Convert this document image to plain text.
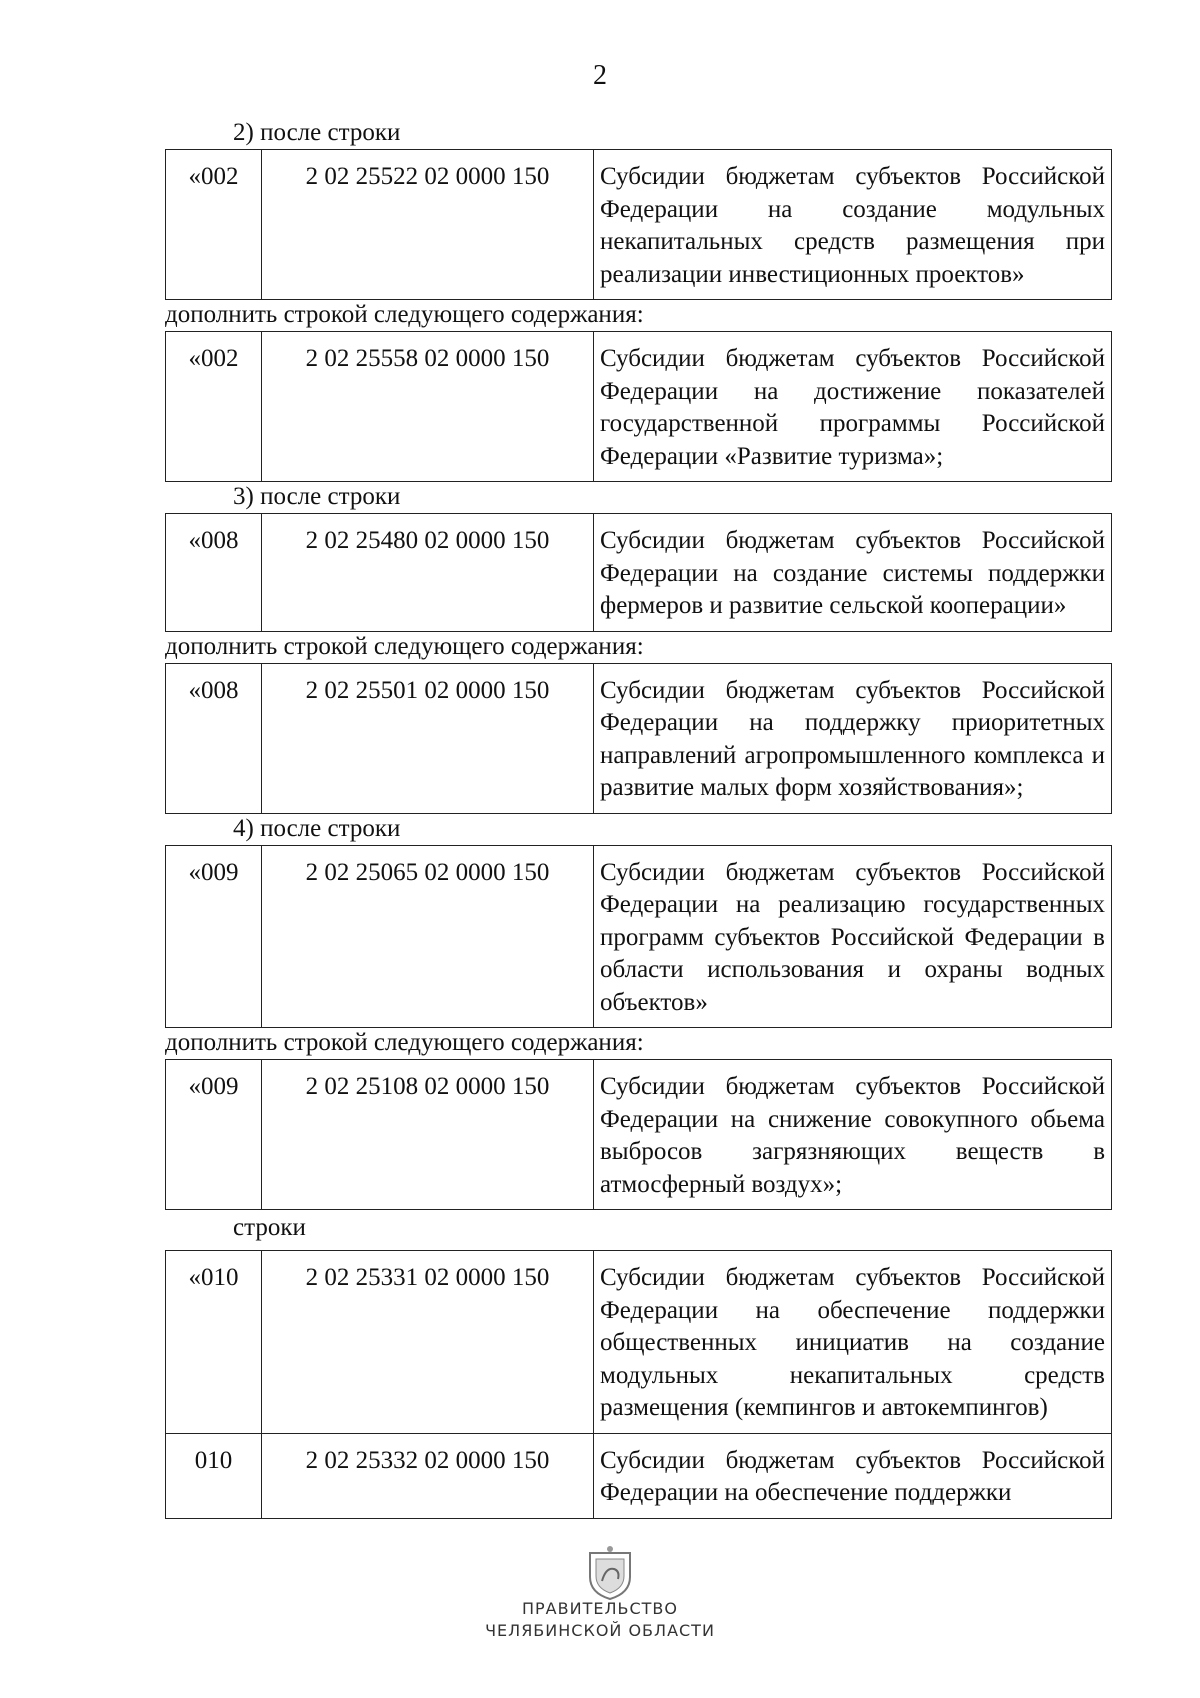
2
2) после строки
«002	2 02 25522 02 0000 150	Субсидии бюджетам субъектов Российской Федерации на создание модульных некапитальных средств размещения при реализации инвестиционных проектов»
дополнить строкой следующего содержания:
«002	2 02 25558 02 0000 150	Субсидии бюджетам субъектов Российской Федерации на достижение показателей государственной программы Российской Федерации «Развитие туризма»;
3) после строки
«008	2 02 25480 02 0000 150	Субсидии бюджетам субъектов Российской Федерации на создание системы поддержки фермеров и развитие сельской кооперации»
дополнить строкой следующего содержания:
«008	2 02 25501 02 0000 150	Субсидии бюджетам субъектов Российской Федерации на поддержку приоритетных направлений агропромышленного комплекса и развитие малых форм хозяйствования»;
4) после строки
«009	2 02 25065 02 0000 150	Субсидии бюджетам субъектов Российской Федерации на реализацию государственных программ субъектов Российской Федерации в области использования и охраны водных объектов»
дополнить строкой следующего содержания:
«009	2 02 25108 02 0000 150	Субсидии бюджетам субъектов Российской Федерации на снижение совокупного обьема выбросов загрязняющих веществ в атмосферный воздух»;
строки
«010	2 02 25331 02 0000 150	Субсидии бюджетам субъектов Российской Федерации на обеспечение поддержки общественных инициатив на создание модульных некапитальных средств размещения (кемпингов и автокемпингов)
010	2 02 25332 02 0000 150	Субсидии бюджетам субъектов Российской Федерации на обеспечение поддержки
ПРАВИТЕЛЬСТВО
ЧЕЛЯБИНСКОЙ ОБЛАСТИ
